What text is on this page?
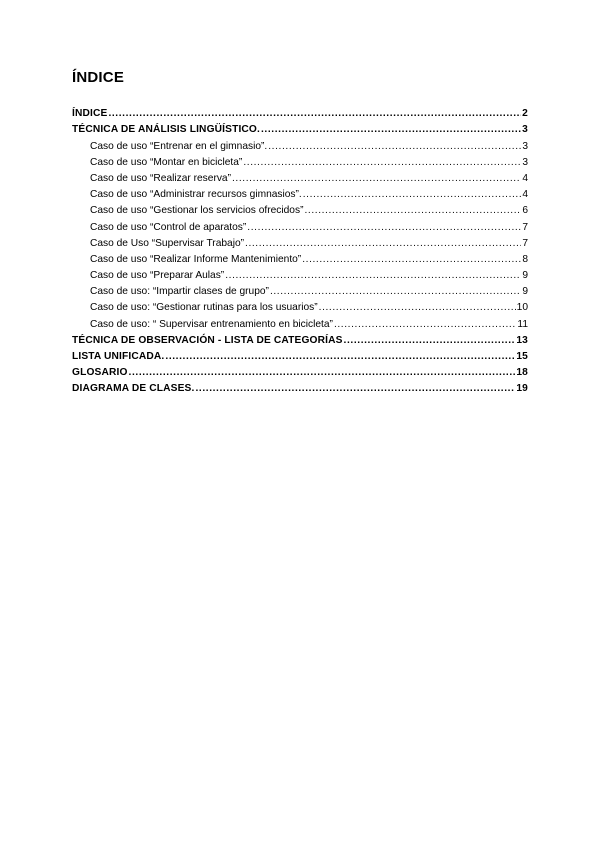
ÍNDICE
ÍNDICE .....	2
TÉCNICA DE ANÁLISIS LINGÜÍSTICO. .....	3
Caso de uso “Entrenar en el gimnasio”. .....	3
Caso de uso “Montar en bicicleta” .....	3
Caso de uso “Realizar reserva” .....	4
Caso de uso “Administrar recursos gimnasios”. .....	4
Caso de uso “Gestionar los servicios ofrecidos” .....	6
Caso de uso “Control de aparatos” .....	7
Caso de Uso “Supervisar Trabajo” .....	7
Caso de uso “Realizar Informe Mantenimiento” .....	8
Caso de uso “Preparar Aulas” .....	9
Caso de uso: “Impartir clases de grupo” .....	9
Caso de uso: “Gestionar rutinas para los usuarios” .....	10
Caso de uso: “ Supervisar entrenamiento en bicicleta” .....	11
TÉCNICA DE OBSERVACIÓN - LISTA DE CATEGORÍAS .....	13
LISTA UNIFICADA. .....	15
GLOSARIO .....	18
DIAGRAMA DE CLASES. .....	19
